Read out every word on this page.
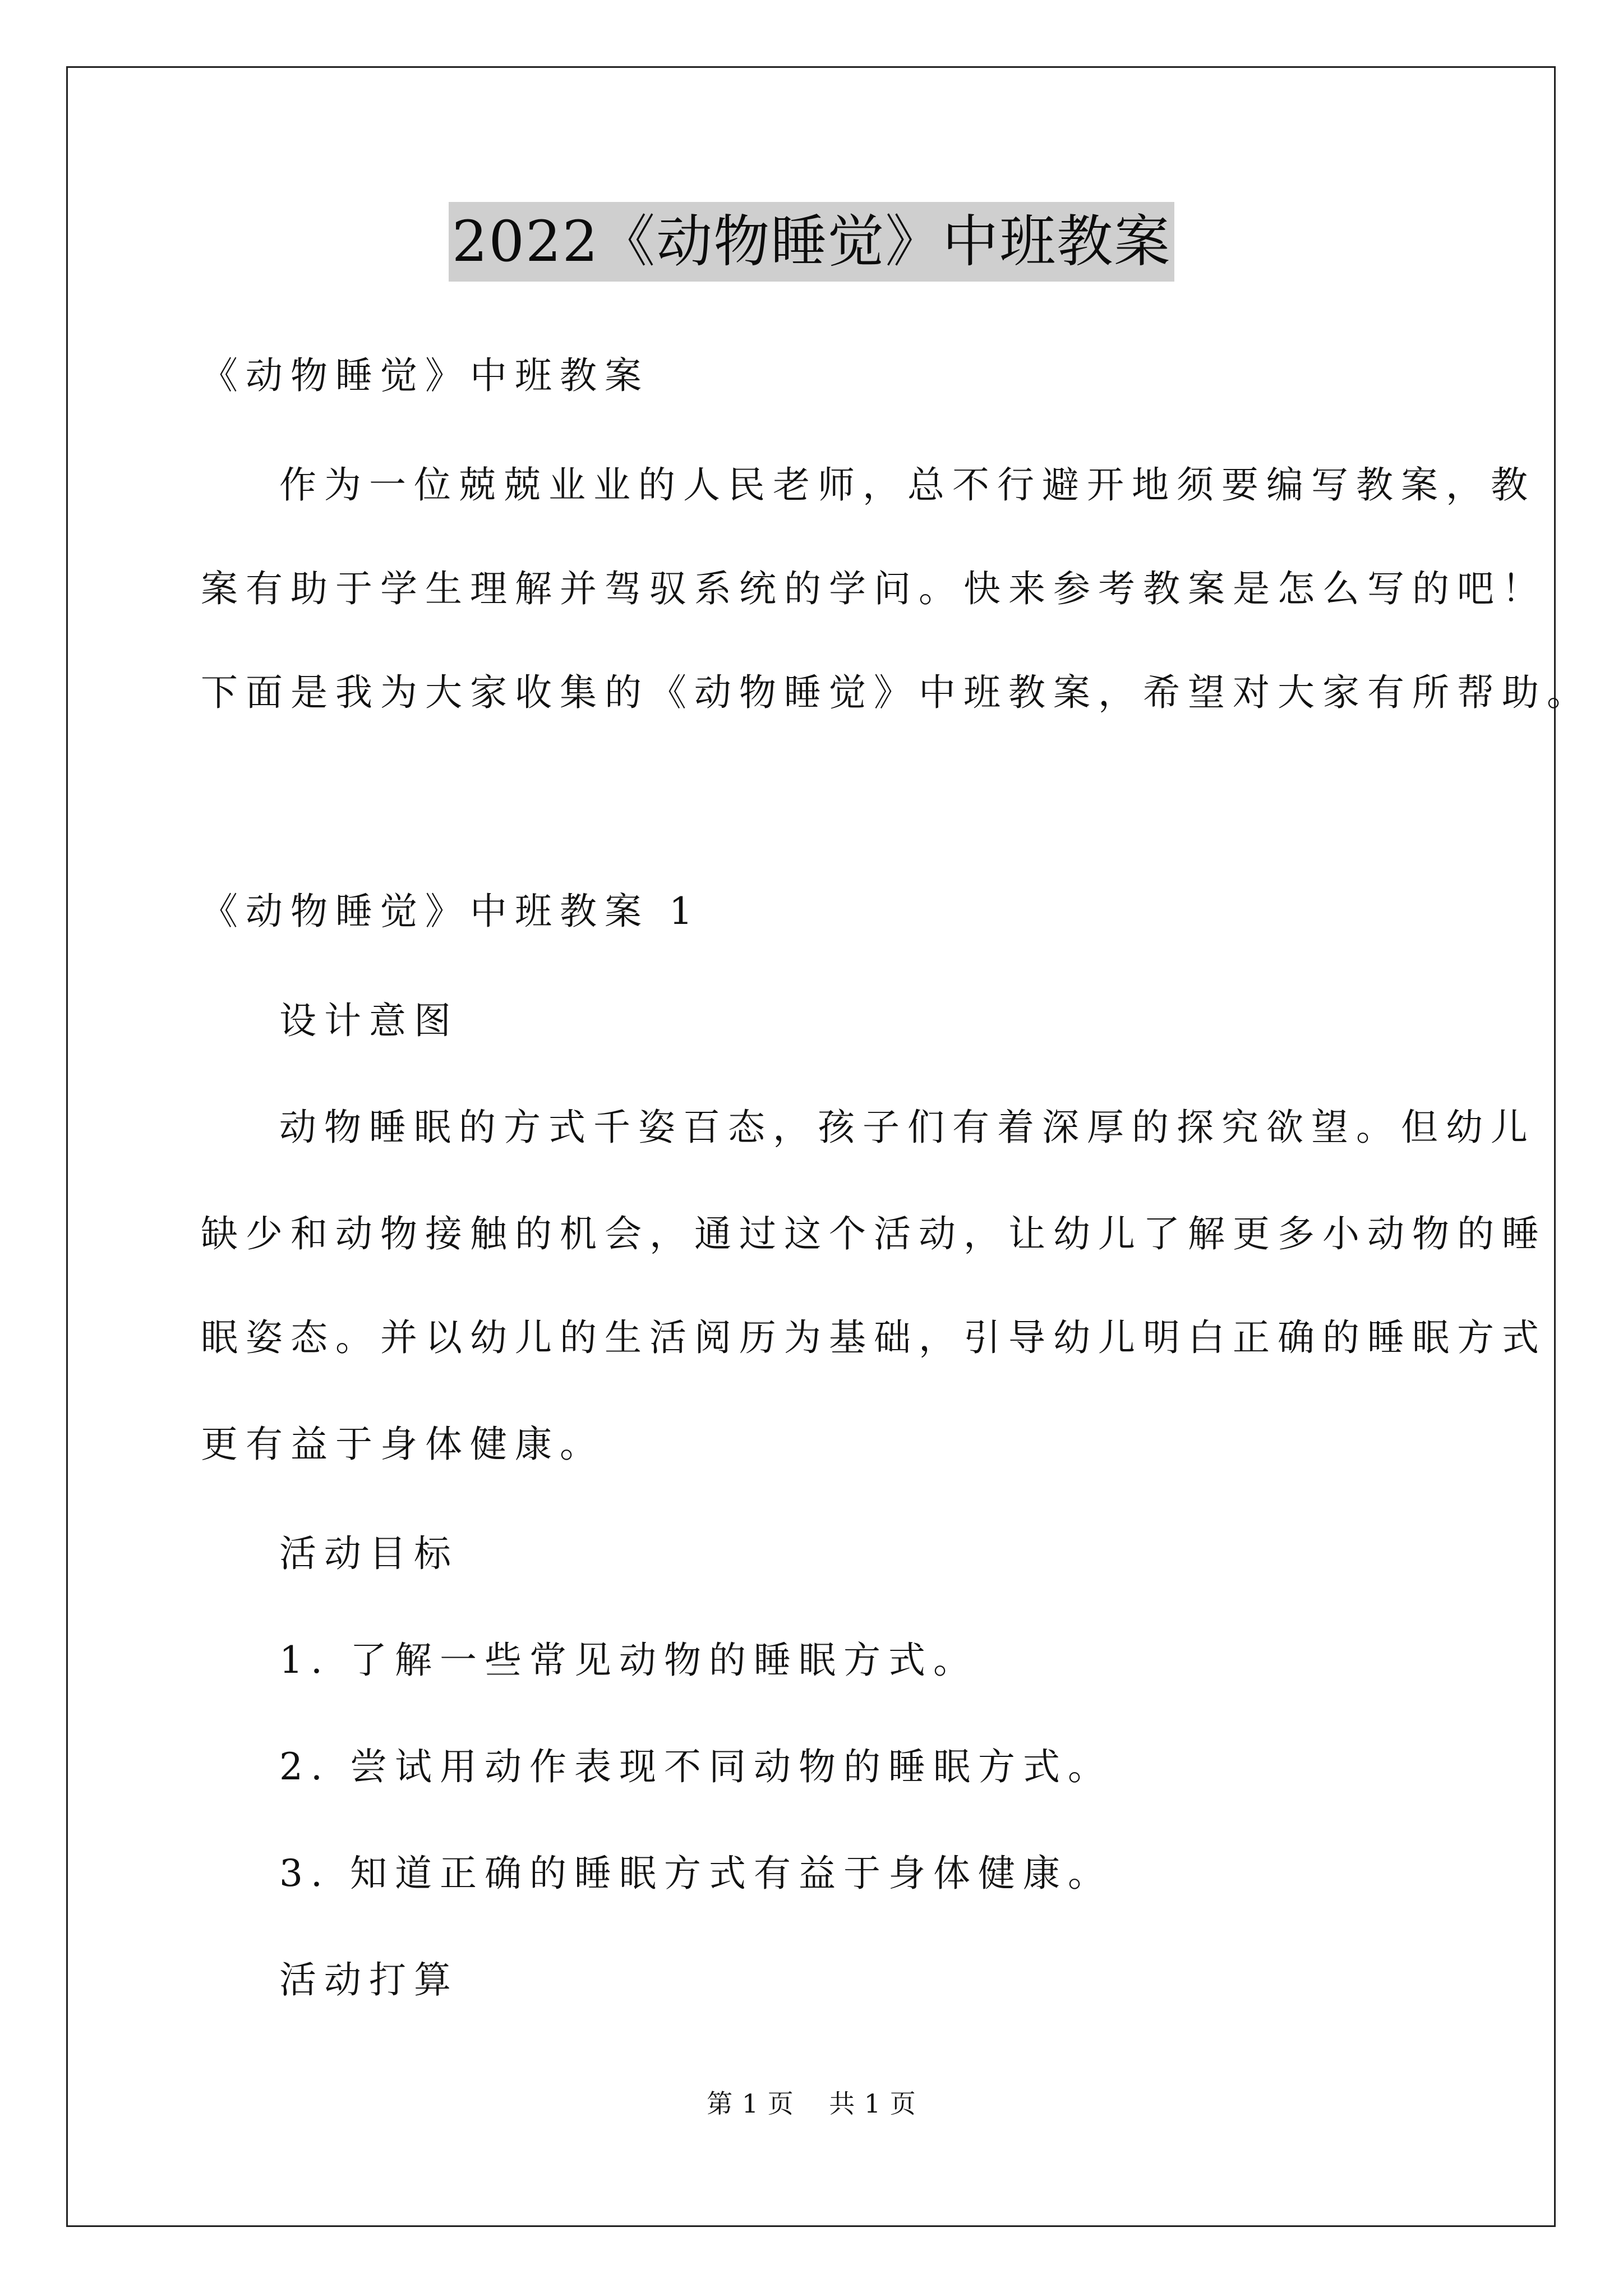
2022《动物睡觉》中班教案
《动物睡觉》中班教案
作为一位兢兢业业的人民老师，总不行避开地须要编写教案，教
案有助于学生理解并驾驭系统的学问。快来参考教案是怎么写的吧！
下面是我为大家收集的《动物睡觉》中班教案，希望对大家有所帮助。
《动物睡觉》中班教案 1
设计意图
动物睡眠的方式千姿百态，孩子们有着深厚的探究欲望。但幼儿
缺少和动物接触的机会，通过这个活动，让幼儿了解更多小动物的睡
眠姿态。并以幼儿的生活阅历为基础，引导幼儿明白正确的睡眠方式
更有益于身体健康。
活动目标
1. 了解一些常见动物的睡眠方式。
2. 尝试用动作表现不同动物的睡眠方式。
3. 知道正确的睡眠方式有益于身体健康。
活动打算
第 1 页    共 1 页
